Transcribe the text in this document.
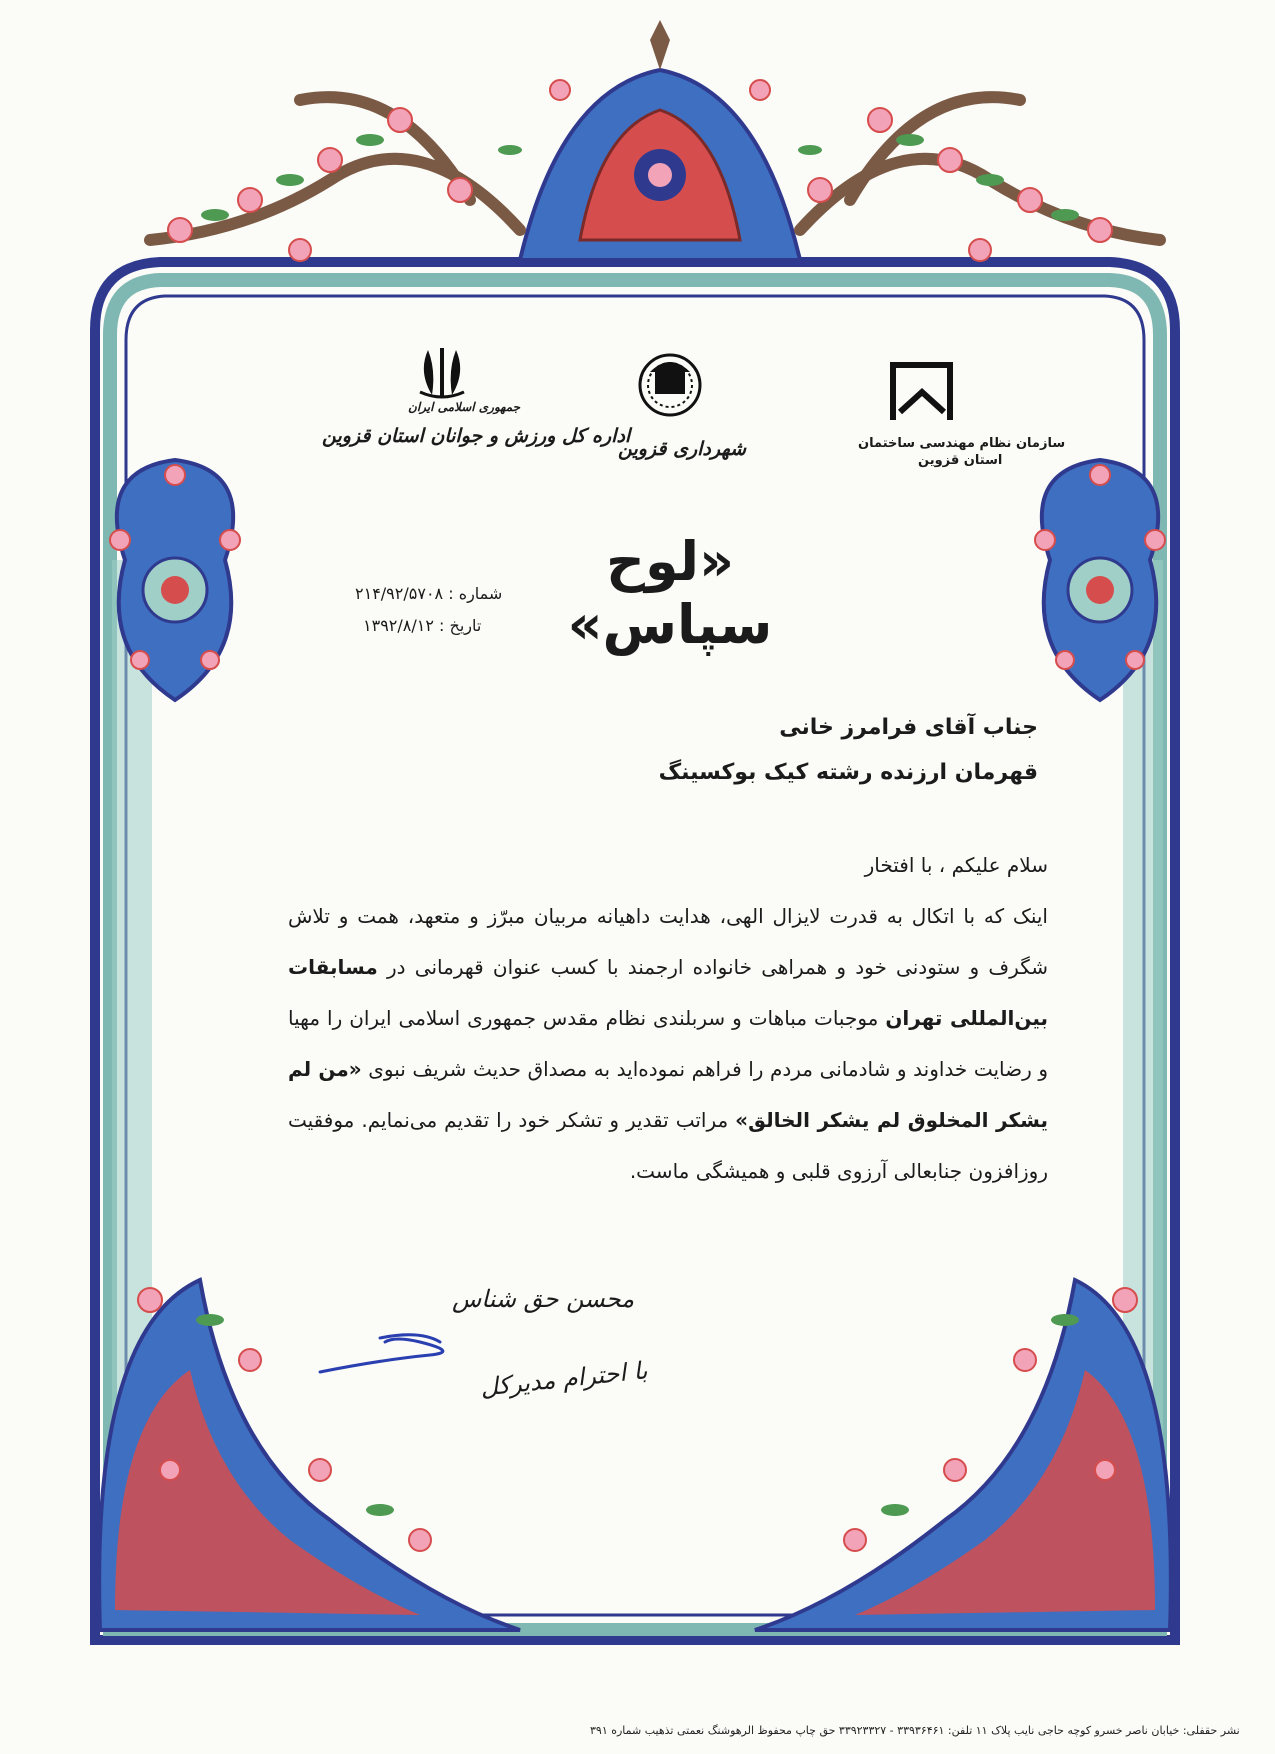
جمهوری اسلامی ایران
اداره کل ورزش و جوانان استان قزوین
شهرداری قزوین	سازمان نظام مهندسی ساختمان
استان قزوین
«لوح سپاس»
شماره : ۲۱۴/۹۲/۵۷۰۸
تاریخ : ۱۳۹۲/۸/۱۲
جناب آقای فرامرز خانی
قهرمان ارزنده رشته کیک بوکسینگ

سلام علیکم ، با افتخار

اینک که با اتکال به قدرت لایزال الهی، هدایت داهیانه مربیان مبرّز و متعهد، همت و تلاش شگرف و ستودنی خود و همراهی خانواده ارجمند با کسب عنوان قهرمانی در مسابقات بین‌المللی تهران موجبات مباهات و سربلندی نظام مقدس جمهوری اسلامی ایران را مهیا و رضایت خداوند و شادمانی مردم را فراهم نموده‌اید به مصداق حدیث شریف نبوی «من لم یشکر المخلوق لم یشکر الخالق» مراتب تقدیر و تشکر خود را تقدیم می‌نمایم. موفقیت روزافزون جنابعالی آرزوی قلبی و همیشگی ماست.

محسن حق شناس
با احترام مدیرکل
نشر حقفلی: خیابان ناصر خسرو کوچه حاجی نایب پلاک ۱۱ تلفن: ۳۳۹۳۶۴۶۱ - ۳۳۹۲۳۳۲۷ حق چاپ محفوظ الرهوشنگ نعمتی تذهیب شماره ۳۹۱
